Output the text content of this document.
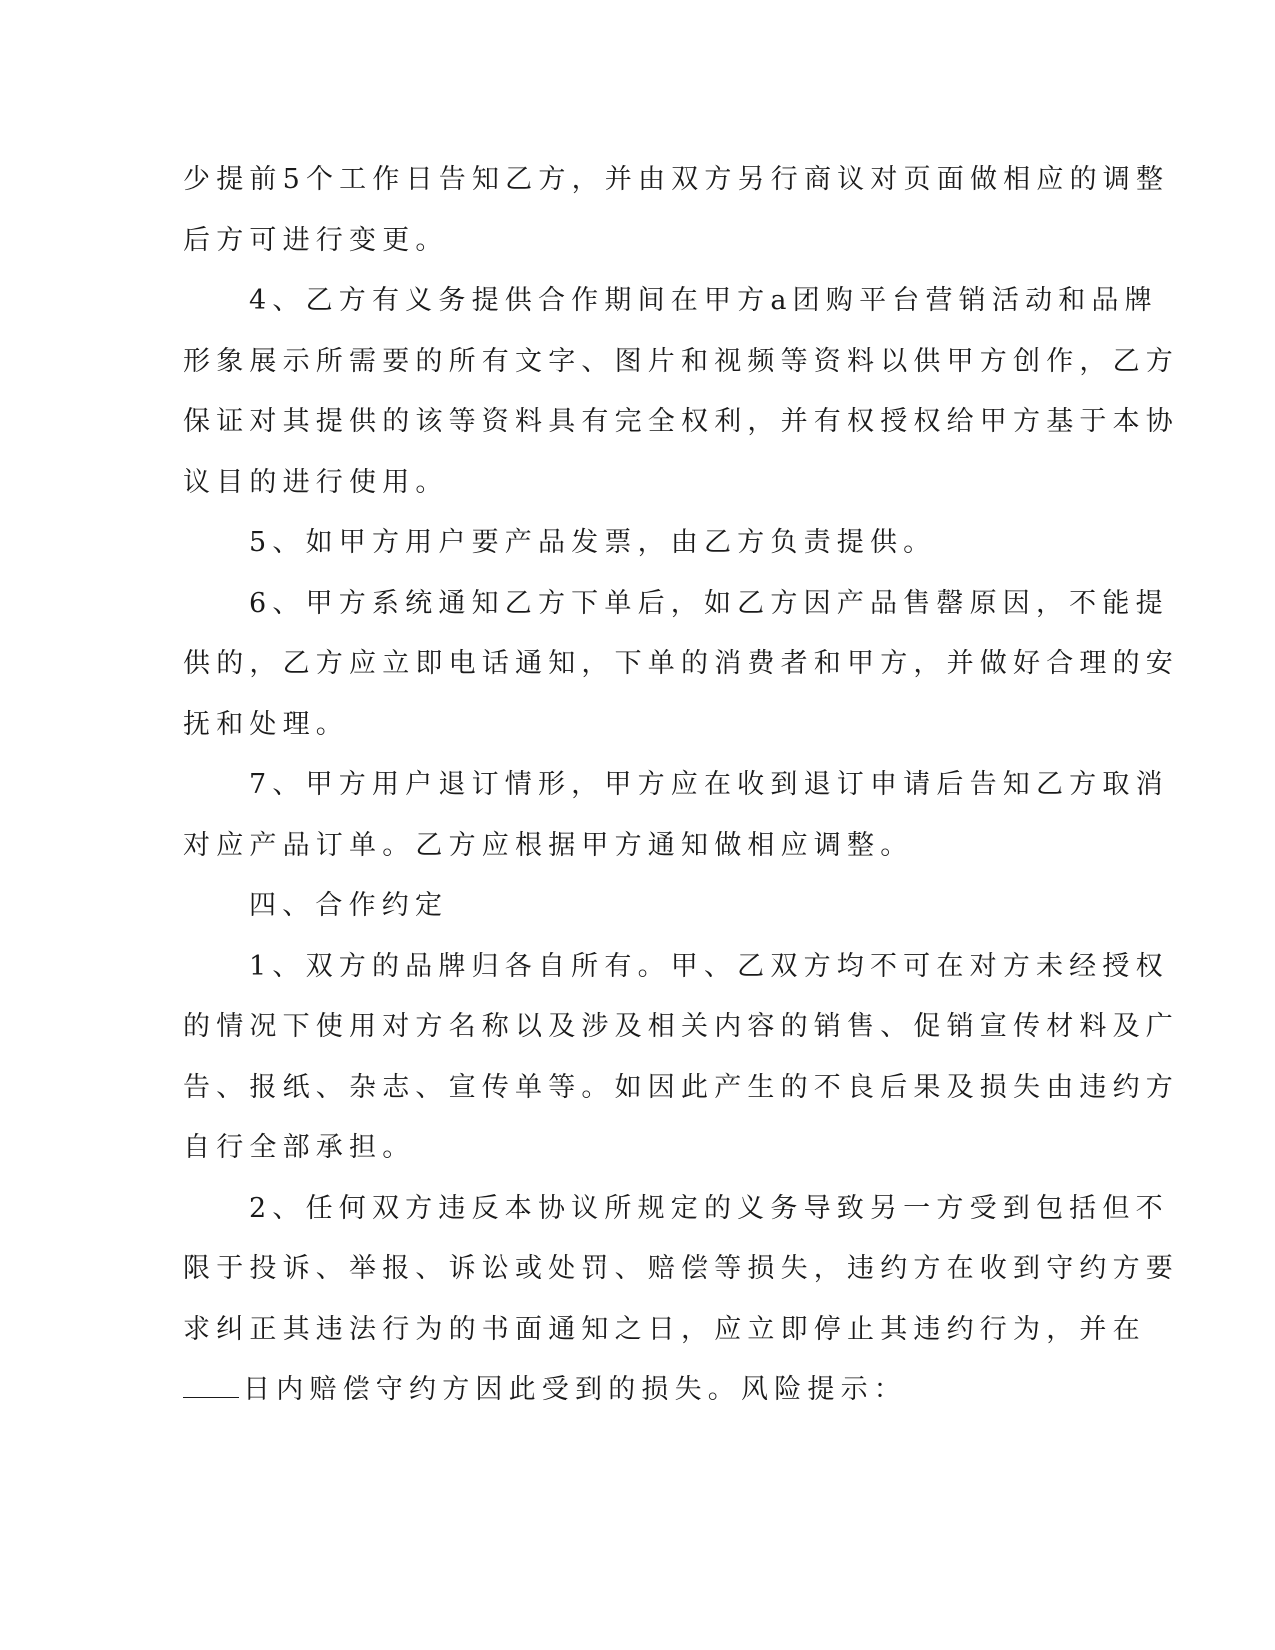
少提前5个工作日告知乙方，并由双方另行商议对页面做相应的调整
后方可进行变更。
4、乙方有义务提供合作期间在甲方a团购平台营销活动和品牌
形象展示所需要的所有文字、图片和视频等资料以供甲方创作，乙方
保证对其提供的该等资料具有完全权利，并有权授权给甲方基于本协
议目的进行使用。
5、如甲方用户要产品发票，由乙方负责提供。
6、甲方系统通知乙方下单后，如乙方因产品售罄原因，不能提
供的，乙方应立即电话通知，下单的消费者和甲方，并做好合理的安
抚和处理。
7、甲方用户退订情形，甲方应在收到退订申请后告知乙方取消
对应产品订单。乙方应根据甲方通知做相应调整。
四、合作约定
1、双方的品牌归各自所有。甲、乙双方均不可在对方未经授权
的情况下使用对方名称以及涉及相关内容的销售、促销宣传材料及广
告、报纸、杂志、宣传单等。如因此产生的不良后果及损失由违约方
自行全部承担。
2、任何双方违反本协议所规定的义务导致另一方受到包括但不
限于投诉、举报、诉讼或处罚、赔偿等损失，违约方在收到守约方要
求纠正其违法行为的书面通知之日，应立即停止其违约行为，并在
日内赔偿守约方因此受到的损失。风险提示：
